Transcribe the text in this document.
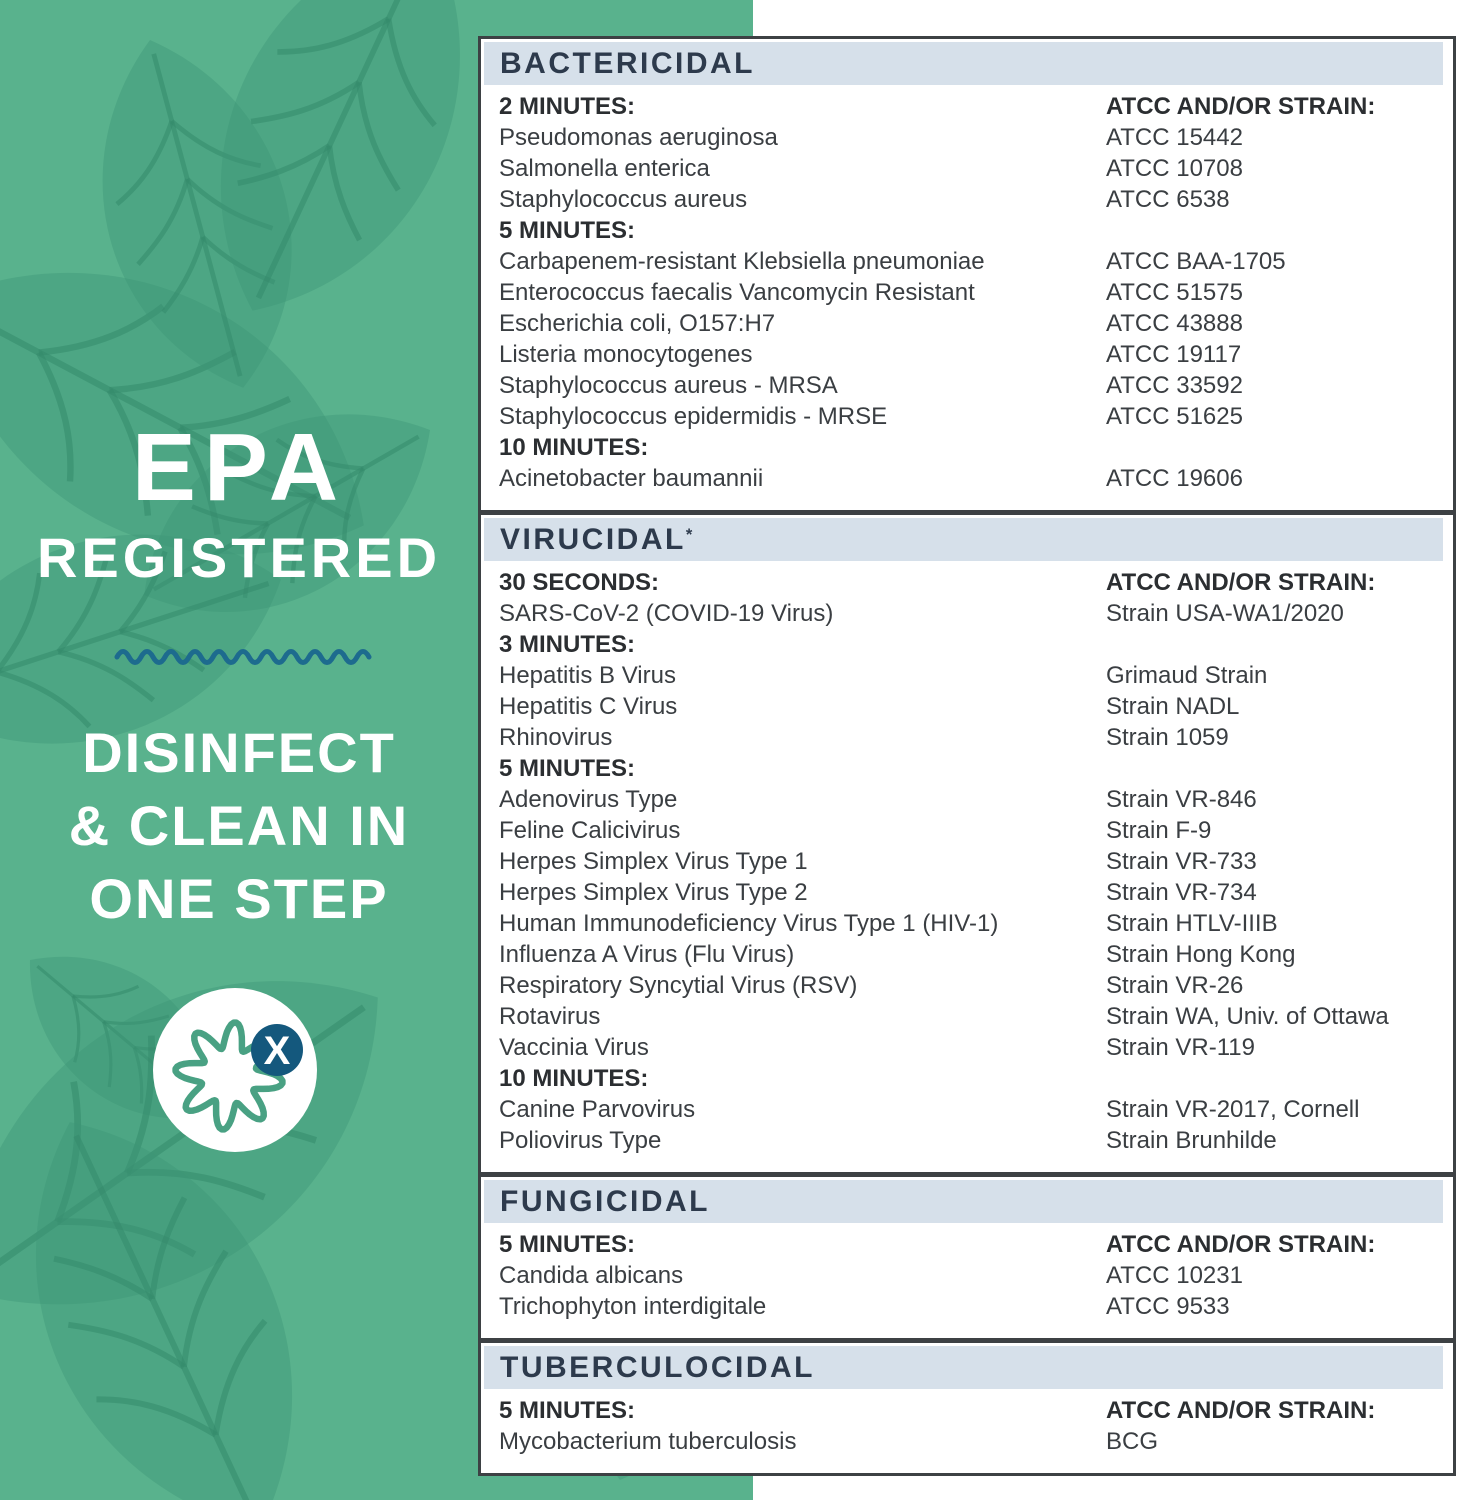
EPA
REGISTERED
DISINFECT
& CLEAN IN
ONE STEP
X
BACTERICIDAL
2 MINUTES:	ATCC AND/OR STRAIN:
Pseudomonas aeruginosa	ATCC 15442
Salmonella enterica	ATCC 10708
Staphylococcus aureus	ATCC 6538
5 MINUTES:
Carbapenem-resistant Klebsiella pneumoniae	ATCC BAA-1705
Enterococcus faecalis Vancomycin Resistant	ATCC 51575
Escherichia coli, O157:H7	ATCC 43888
Listeria monocytogenes	ATCC 19117
Staphylococcus aureus - MRSA	ATCC 33592
Staphylococcus epidermidis - MRSE	ATCC 51625
10 MINUTES:
Acinetobacter baumannii	ATCC 19606
VIRUCIDAL*
30 SECONDS:	ATCC AND/OR STRAIN:
SARS-CoV-2 (COVID-19 Virus)	Strain USA-WA1/2020
3 MINUTES:
Hepatitis B Virus	Grimaud Strain
Hepatitis C Virus	Strain NADL
Rhinovirus	Strain 1059
5 MINUTES:
Adenovirus Type	Strain VR-846
Feline Calicivirus	Strain F-9
Herpes Simplex Virus Type 1	Strain VR-733
Herpes Simplex Virus Type 2	Strain VR-734
Human Immunodeficiency Virus Type 1 (HIV-1)	Strain HTLV-IIIB
Influenza A Virus (Flu Virus)	Strain Hong Kong
Respiratory Syncytial Virus (RSV)	Strain VR-26
Rotavirus	Strain WA, Univ. of Ottawa
Vaccinia Virus	Strain VR-119
10 MINUTES:
Canine Parvovirus	Strain VR-2017, Cornell
Poliovirus Type	Strain Brunhilde
FUNGICIDAL
5 MINUTES:	ATCC AND/OR STRAIN:
Candida albicans	ATCC 10231
Trichophyton interdigitale	ATCC 9533
TUBERCULOCIDAL
5 MINUTES:	ATCC AND/OR STRAIN:
Mycobacterium tuberculosis	BCG
